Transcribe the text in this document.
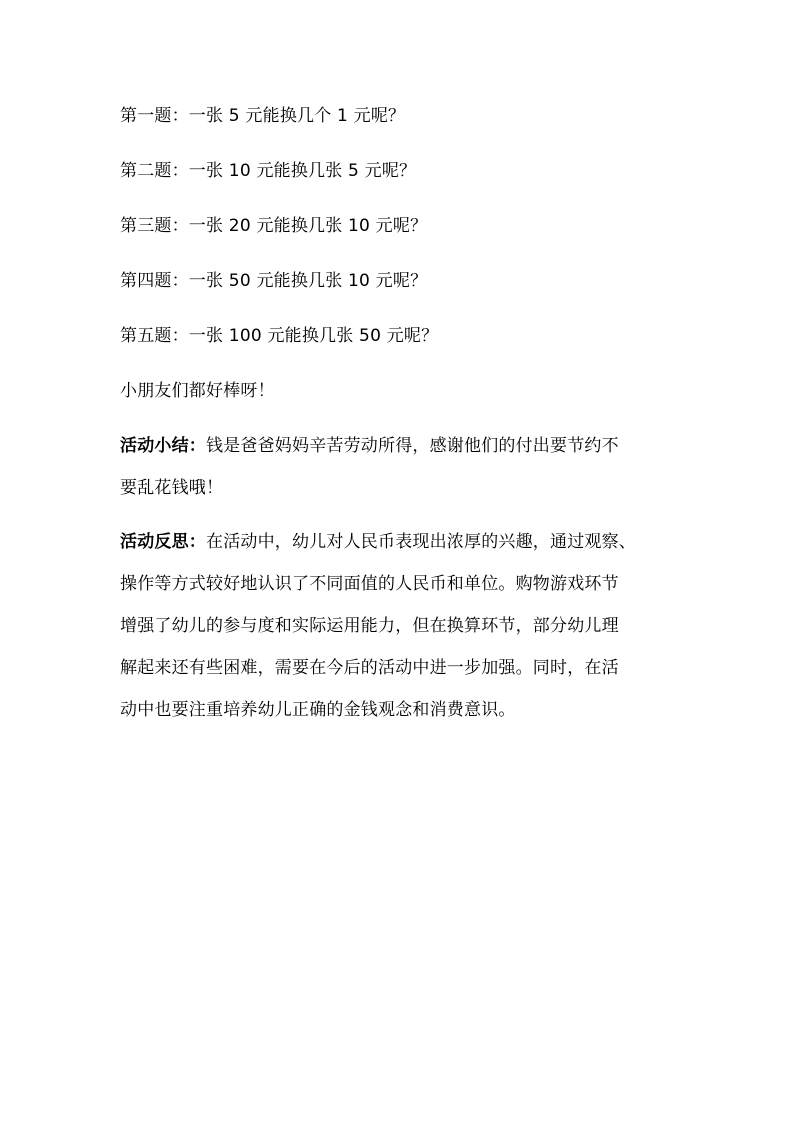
第一题：一张 5 元能换几个 1 元呢？
第二题：一张 10 元能换几张 5 元呢？
第三题：一张 20 元能换几张 10 元呢？
第四题：一张 50 元能换几张 10 元呢？
第五题：一张 100 元能换几张 50 元呢？
小朋友们都好棒呀！
活动小结：钱是爸爸妈妈辛苦劳动所得，感谢他们的付出要节约不
要乱花钱哦！
活动反思：在活动中，幼儿对人民币表现出浓厚的兴趣，通过观察、
操作等方式较好地认识了不同面值的人民币和单位。购物游戏环节
增强了幼儿的参与度和实际运用能力，但在换算环节，部分幼儿理
解起来还有些困难，需要在今后的活动中进一步加强。同时，在活
动中也要注重培养幼儿正确的金钱观念和消费意识。
